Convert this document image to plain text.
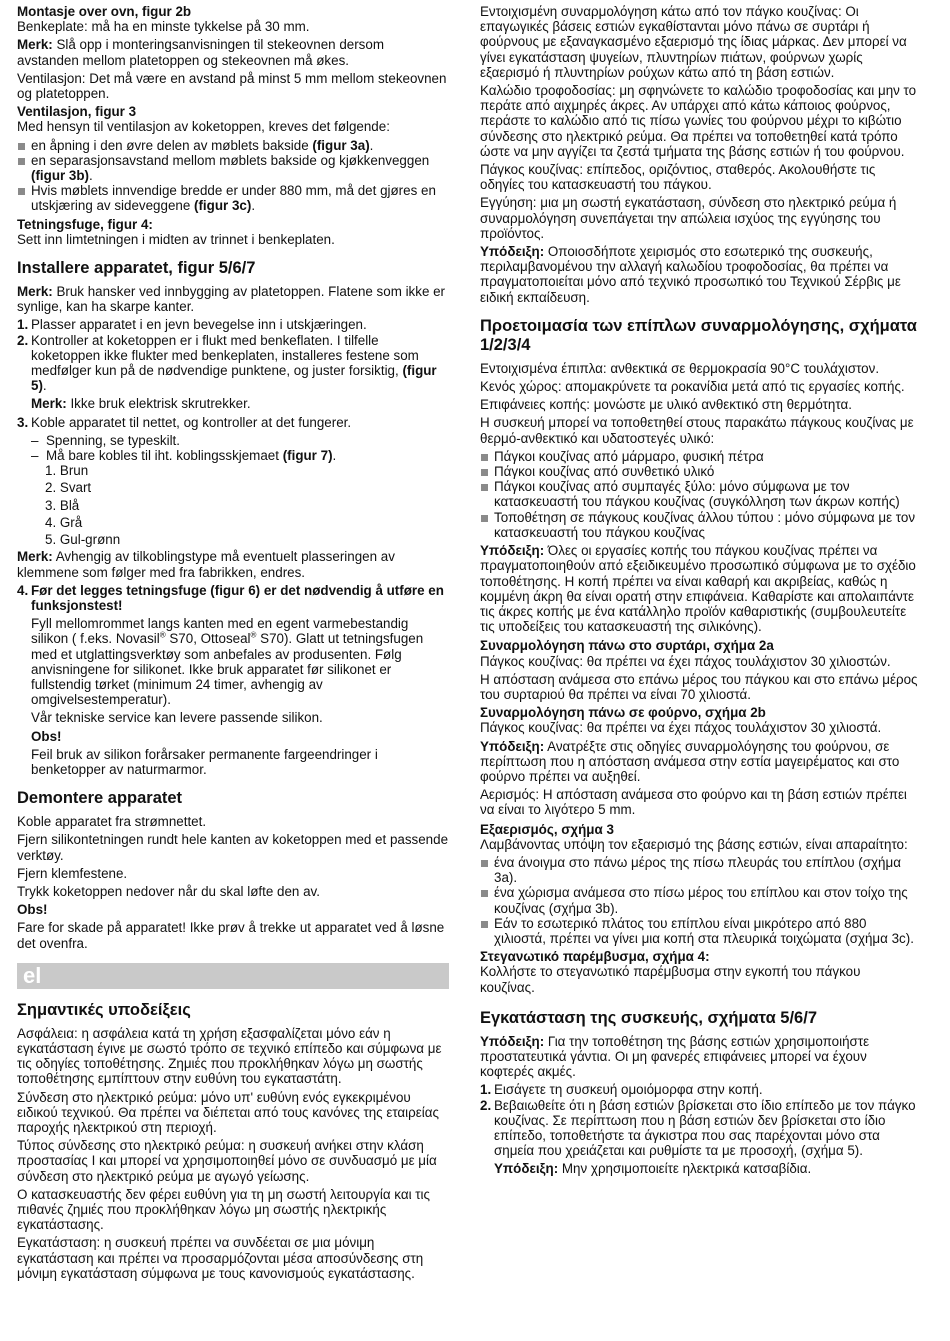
Montasje over ovn, figur 2b

Benkeplate: må ha en minste tykkelse på 30 mm.

Merk: Slå opp i monteringsanvisningen til stekeovnen dersom avstanden mellom platetoppen og stekeovnen må økes.

Ventilasjon: Det må være en avstand på minst 5 mm mellom stekeovnen og platetoppen.

Ventilasjon, figur 3

Med hensyn til ventilasjon av koketoppen, kreves det følgende:

en åpning i den øvre delen av møblets bakside (figur 3a).
en separasjonsavstand mellom møblets bakside og kjøkkenveggen (figur 3b).
Hvis møblets innvendige bredde er under 880 mm, må det gjøres en utskjæring av sideveggene (figur 3c).

Tetningsfuge, figur 4:

Sett inn limtetningen i midten av trinnet i benkeplaten.

Installere apparatet, figur 5/6/7

Merk: Bruk hansker ved innbygging av platetoppen. Flatene som ikke er synlige, kan ha skarpe kanter.

1. Plasser apparatet i en jevn bevegelse inn i utskjæringen.
2. Kontroller at koketoppen er i flukt med benkeflaten. I tilfelle koketoppen ikke flukter med benkeplaten, installeres festene som medfølger kun på de nødvendige punktene, og juster forsiktig, (figur 5).

Merk: Ikke bruk elektrisk skrutrekker.

3. Koble apparatet til nettet, og kontroller at det fungerer.
– Spenning, se typeskilt.
– Må bare kobles til iht. koblingsskjemaet (figur 7).
1. Brun
2. Svart
3. Blå
4. Grå
5. Gul-grønn

Merk: Avhengig av tilkoblingstype må eventuelt plasseringen av klemmene som følger med fra fabrikken, endres.

4. Før det legges tetningsfuge (figur 6) er det nødvendig å utføre en funksjonstest!

Fyll mellomrommet langs kanten med en egent varmebestandig silikon ( f.eks. Novasil® S70, Ottoseal® S70). Glatt ut tetningsfugen med et utglattingsverktøy som anbefales av produsenten. Følg anvisningene for silikonet. Ikke bruk apparatet før silikonet er fullstendig tørket (minimum 24 timer, avhengig av omgivelsestemperatur).

Vår tekniske service kan levere passende silikon.

Obs!

Feil bruk av silikon forårsaker permanente fargeendringer i benketopper av naturmarmor.

Demontere apparatet

Koble apparatet fra strømnettet.

Fjern silikontetningen rundt hele kanten av koketoppen med et passende verktøy.

Fjern klemfestene.

Trykk koketoppen nedover når du skal løfte den av.

Obs!

Fare for skade på apparatet! Ikke prøv å trekke ut apparatet ved å løsne det ovenfra.

el
Σημαντικές υποδείξεις

Ασφάλεια: η ασφάλεια κατά τη χρήση εξασφαλίζεται μόνο εάν η εγκατάσταση έγινε με σωστό τρόπο σε τεχνικό επίπεδο και σύμφωνα με τις οδηγίες τοποθέτησης. Ζημιές που προκλήθηκαν λόγω μη σωστής τοποθέτησης εμπίπτουν στην ευθύνη του εγκαταστάτη.

Σύνδεση στο ηλεκτρικό ρεύμα: μόνο υπ' ευθύνη ενός εγκεκριμένου ειδικού τεχνικού. Θα πρέπει να διέπεται από τους κανόνες της εταιρείας παροχής ηλεκτρικού στη περιοχή.

Τύπος σύνδεσης στο ηλεκτρικό ρεύμα: η συσκευή ανήκει στην κλάση προστασίας I και μπορεί να χρησιμοποιηθεί μόνο σε συνδυασμό με μία σύνδεση στο ηλεκτρικό ρεύμα με αγωγό γείωσης.

Ο κατασκευαστής δεν φέρει ευθύνη για τη μη σωστή λειτουργία και τις πιθανές ζημιές που προκλήθηκαν λόγω μη σωστής ηλεκτρικής εγκατάστασης.

Εγκατάσταση: η συσκευή πρέπει να συνδέεται σε μια μόνιμη εγκατάσταση και πρέπει να προσαρμόζονται μέσα αποσύνδεσης στη μόνιμη εγκατάσταση σύμφωνα με τους κανονισμούς εγκατάστασης.

Εντοιχισμένη συναρμολόγηση κάτω από τον πάγκο κουζίνας: Οι επαγωγικές βάσεις εστιών εγκαθίστανται μόνο πάνω σε συρτάρι ή φούρνους με εξαναγκασμένο εξαερισμό της ίδιας μάρκας. Δεν μπορεί να γίνει εγκατάσταση ψυγείων, πλυντηρίων πιάτων, φούρνων χωρίς εξαερισμό ή πλυντηρίων ρούχων κάτω από τη βάση εστιών.

Καλώδιο τροφοδοσίας: μη σφηνώνετε το καλώδιο τροφοδοσίας και μην το περάτε από αιχμηρές άκρες. Αν υπάρχει από κάτω κάποιος φούρνος, περάστε το καλώδιο από τις πίσω γωνίες του φούρνου μέχρι το κιβώτιο σύνδεσης στο ηλεκτρικό ρεύμα. Θα πρέπει να τοποθετηθεί κατά τρόπο ώστε να μην αγγίζει τα ζεστά τμήματα της βάσης εστιών ή του φούρνου.

Πάγκος κουζίνας: επίπεδος, οριζόντιος, σταθερός. Ακολουθήστε τις οδηγίες του κατασκευαστή του πάγκου.

Εγγύηση: μια μη σωστή εγκατάσταση, σύνδεση στο ηλεκτρικό ρεύμα ή συναρμολόγηση συνεπάγεται την απώλεια ισχύος της εγγύησης του προϊόντος.

Υπόδειξη: Οποιοσδήποτε χειρισμός στο εσωτερικό της συσκευής, περιλαμβανομένου την αλλαγή καλωδίου τροφοδοσίας, θα πρέπει να πραγματοποιείται μόνο από τεχνικό προσωπικό του Τεχνικού Σέρβις με ειδική εκπαίδευση.

Προετοιμασία των επίπλων συναρμολόγησης, σχήματα 1/2/3/4

Εντοιχισμένα έπιπλα: ανθεκτικά σε θερμοκρασία 90°C τουλάχιστον.

Κενός χώρος: απομακρύνετε τα ροκανίδια μετά από τις εργασίες κοπής.

Επιφάνειες κοπής: μονώστε με υλικό ανθεκτικό στη θερμότητα.

Η συσκευή μπορεί να τοποθετηθεί στους παρακάτω πάγκους κουζίνας με θερμό-ανθεκτικό και υδατοστεγές υλικό:

Πάγκοι κουζίνας από μάρμαρο, φυσική πέτρα
Πάγκοι κουζίνας από συνθετικό υλικό
Πάγκοι κουζίνας από συμπαγές ξύλο: μόνο σύμφωνα με τον κατασκευαστή του πάγκου κουζίνας (συγκόλληση των άκρων κοπής)
Τοποθέτηση σε πάγκους κουζίνας άλλου τύπου : μόνο σύμφωνα με τον κατασκευαστή του πάγκου κουζίνας

Υπόδειξη: Όλες οι εργασίες κοπής του πάγκου κουζίνας πρέπει να πραγματοποιηθούν από εξειδικευμένο προσωπικό σύμφωνα με το σχέδιο τοποθέτησης. Η κοπή πρέπει να είναι καθαρή και ακριβείας, καθώς η κομμένη άκρη θα είναι ορατή στην επιφάνεια. Καθαρίστε και απολαιπάντε τις άκρες κοπής με ένα κατάλληλο προϊόν καθαριστικής (συμβουλευτείτε τις υποδείξεις του κατασκευαστή της σιλικόνης).

Συναρμολόγηση πάνω στο συρτάρι, σχήμα 2a

Πάγκος κουζίνας: θα πρέπει να έχει πάχος τουλάχιστον 30 χιλιοστών.

Η απόσταση ανάμεσα στο επάνω μέρος του πάγκου και στο επάνω μέρος του συρταριού θα πρέπει να είναι 70 χιλιοστά.

Συναρμολόγηση πάνω σε φούρνο, σχήμα 2b

Πάγκος κουζίνας: θα πρέπει να έχει πάχος τουλάχιστον 30 χιλιοστά.

Υπόδειξη: Ανατρέξτε στις οδηγίες συναρμολόγησης του φούρνου, σε περίπτωση που η απόσταση ανάμεσα στην εστία μαγειρέματος και στο φούρνο πρέπει να αυξηθεί.

Αερισμός: Η απόσταση ανάμεσα στο φούρνο και τη βάση εστιών πρέπει να είναι το λιγότερο 5 mm.

Εξαερισμός, σχήμα 3

Λαμβάνοντας υπόψη τον εξαερισμό της βάσης εστιών, είναι απαραίτητο:

ένα άνοιγμα στο πάνω μέρος της πίσω πλευράς του επίπλου (σχήμα 3a).
ένα χώρισμα ανάμεσα στο πίσω μέρος του επίπλου και στον τοίχο της κουζίνας (σχήμα 3b).
Εάν το εσωτερικό πλάτος του επίπλου είναι μικρότερο από 880 χιλιοστά, πρέπει να γίνει μια κοπή στα πλευρικά τοιχώματα (σχήμα 3c).

Στεγανωτικό παρέμβυσμα, σχήμα 4:

Κολλήστε το στεγανωτικό παρέμβυσμα στην εγκοπή του πάγκου κουζίνας.

Εγκατάσταση της συσκευής, σχήματα 5/6/7

Υπόδειξη: Για την τοποθέτηση της βάσης εστιών χρησιμοποιήστε προστατευτικά γάντια. Οι μη φανερές επιφάνειες μπορεί να έχουν κοφτερές ακμές.

1. Εισάγετε τη συσκευή ομοιόμορφα στην κοπή.
2. Βεβαιωθείτε ότι η βάση εστιών βρίσκεται στο ίδιο επίπεδο με τον πάγκο κουζίνας. Σε περίπτωση που η βάση εστιών δεν βρίσκεται στο ίδιο επίπεδο, τοποθετήστε τα άγκιστρα που σας παρέχονται μόνο στα σημεία που χρειάζεται και ρυθμίστε τα με προσοχή, (σχήμα 5).

Υπόδειξη: Μην χρησιμοποιείτε ηλεκτρικά κατσαβίδια.
